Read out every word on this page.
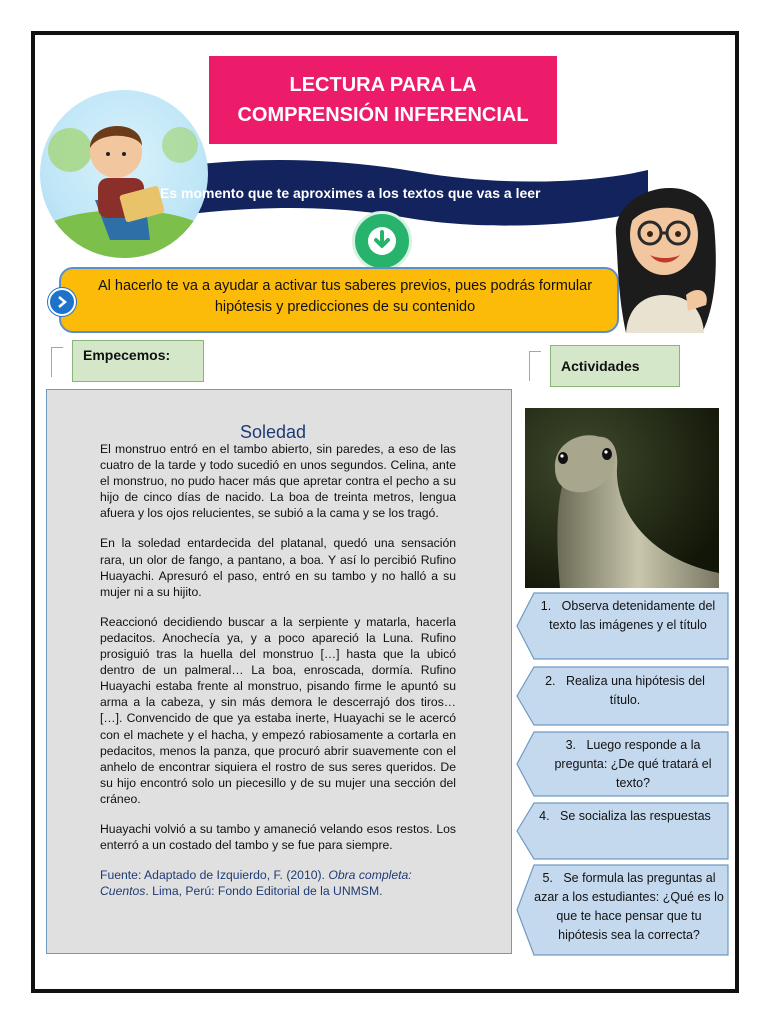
LECTURA PARA LA
COMPRENSIÓN INFERENCIAL
Es momento que te aproximes a los textos que vas a leer
Al hacerlo te va a ayudar a activar tus saberes previos, pues podrás formular hipótesis y predicciones de su contenido
Empecemos:
Actividades
Soledad

El monstruo entró en el tambo abierto, sin paredes, a eso de las cuatro de la tarde y todo sucedió en unos segundos. Celina, ante el monstruo, no pudo hacer más que apretar contra el pecho a su hijo de cinco días de nacido. La boa de treinta metros, lengua afuera y los ojos relucientes, se subió a la cama y se los tragó.

En la soledad entardecida del platanal, quedó una sensación rara, un olor de fango, a pantano, a boa. Y así lo percibió Rufino Huayachi. Apresuró el paso, entró en su tambo y no halló a su mujer ni a su hijito.

Reaccionó decidiendo buscar a la serpiente y matarla, hacerla pedacitos. Anochecía ya, y a poco apareció la Luna. Rufino prosiguió tras la huella del monstruo […] hasta que la ubicó dentro de un palmeral… La boa, enroscada, dormía. Rufino Huayachi estaba frente al monstruo, pisando firme le apuntó su arma a la cabeza, y sin más demora le descerrajó dos tiros… […]. Convencido de que ya estaba inerte, Huayachi se le acercó con el machete y el hacha, y empezó rabiosamente a cortarla en pedacitos, menos la panza, que procuró abrir suavemente con el anhelo de encontrar siquiera el rostro de sus seres queridos. De su hijo encontró solo un piecesillo y de su mujer una sección del cráneo.

Huayachi volvió a su tambo y amaneció velando esos restos. Los enterró a un costado del tambo y se fue para siempre.

Fuente: Adaptado de Izquierdo, F. (2010). Obra completa: Cuentos. Lima, Perú: Fondo Editorial de la UNMSM.

1. Observa detenidamente del texto las imágenes y el título
2. Realiza una hipótesis del título.
3. Luego responde a la pregunta: ¿De qué tratará el texto?
4. Se socializa las respuestas
5. Se formula las preguntas al azar a los estudiantes: ¿Qué es lo que te hace pensar que tu hipótesis sea la correcta?
